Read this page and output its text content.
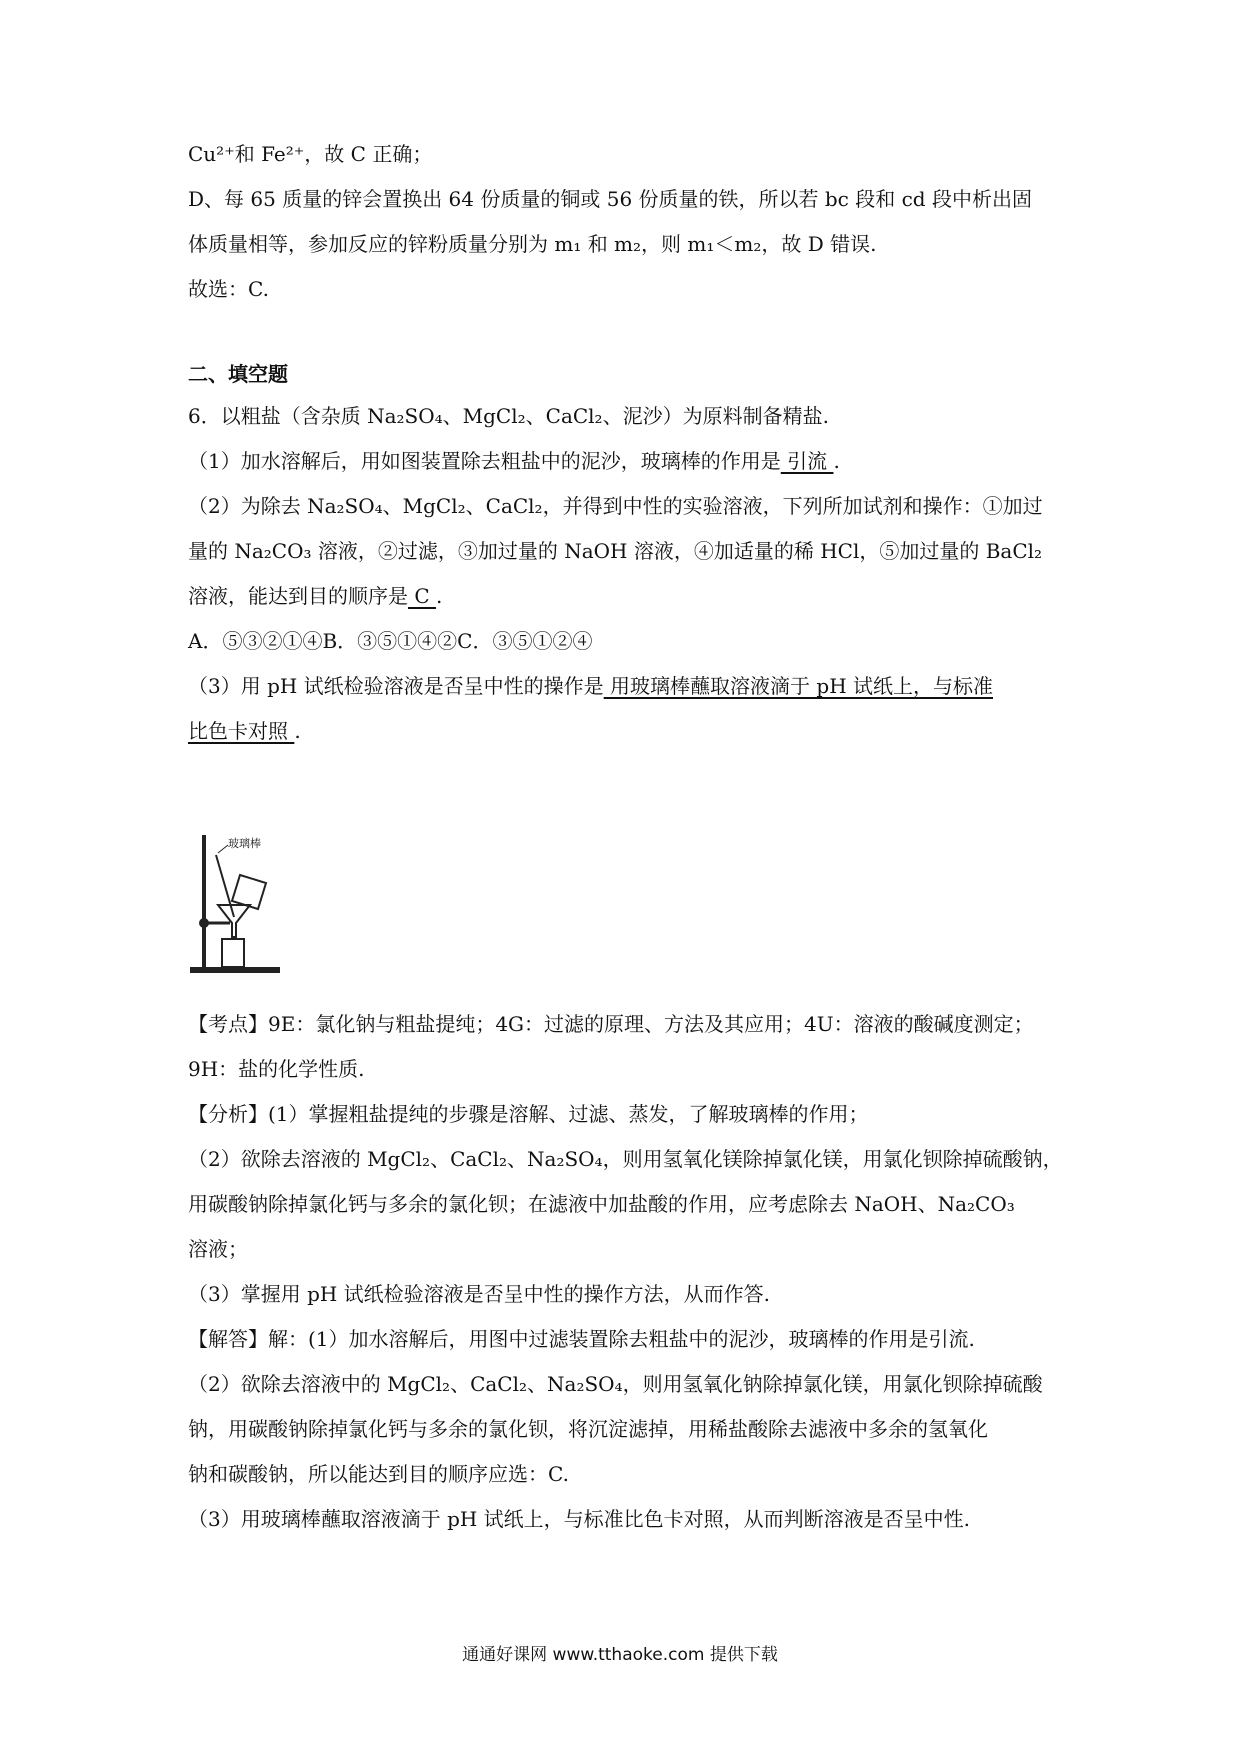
Cu²⁺和 Fe²⁺，故 C 正确；
D、每 65 质量的锌会置换出 64 份质量的铜或 56 份质量的铁，所以若 bc 段和 cd 段中析出固
体质量相等，参加反应的锌粉质量分别为 m₁ 和 m₂，则 m₁＜m₂，故 D 错误.
故选：C.
二、填空题
6．以粗盐（含杂质 Na₂SO₄、MgCl₂、CaCl₂、泥沙）为原料制备精盐.
（1）加水溶解后，用如图装置除去粗盐中的泥沙，玻璃棒的作用是 引流 .
（2）为除去 Na₂SO₄、MgCl₂、CaCl₂，并得到中性的实验溶液，下列所加试剂和操作：①加过
量的 Na₂CO₃ 溶液，②过滤，③加过量的 NaOH 溶液，④加适量的稀 HCl，⑤加过量的 BaCl₂
溶液，能达到目的顺序是 C .
A．⑤③②①④B．③⑤①④②C．③⑤①②④
（3）用 pH 试纸检验溶液是否呈中性的操作是 用玻璃棒蘸取溶液滴于 pH 试纸上，与标准
比色卡对照 .
玻璃棒
【考点】9E：氯化钠与粗盐提纯；4G：过滤的原理、方法及其应用；4U：溶液的酸碱度测定；
9H：盐的化学性质.
【分析】(1）掌握粗盐提纯的步骤是溶解、过滤、蒸发，了解玻璃棒的作用；
（2）欲除去溶液的 MgCl₂、CaCl₂、Na₂SO₄，则用氢氧化镁除掉氯化镁，用氯化钡除掉硫酸钠，
用碳酸钠除掉氯化钙与多余的氯化钡；在滤液中加盐酸的作用，应考虑除去 NaOH、Na₂CO₃
溶液；
（3）掌握用 pH 试纸检验溶液是否呈中性的操作方法，从而作答.
【解答】解：(1）加水溶解后，用图中过滤装置除去粗盐中的泥沙，玻璃棒的作用是引流.
（2）欲除去溶液中的 MgCl₂、CaCl₂、Na₂SO₄，则用氢氧化钠除掉氯化镁，用氯化钡除掉硫酸
钠，用碳酸钠除掉氯化钙与多余的氯化钡，将沉淀滤掉，用稀盐酸除去滤液中多余的氢氧化
钠和碳酸钠，所以能达到目的顺序应选：C.
（3）用玻璃棒蘸取溶液滴于 pH 试纸上，与标准比色卡对照，从而判断溶液是否呈中性.
通通好课网 www.tthaoke.com 提供下载
